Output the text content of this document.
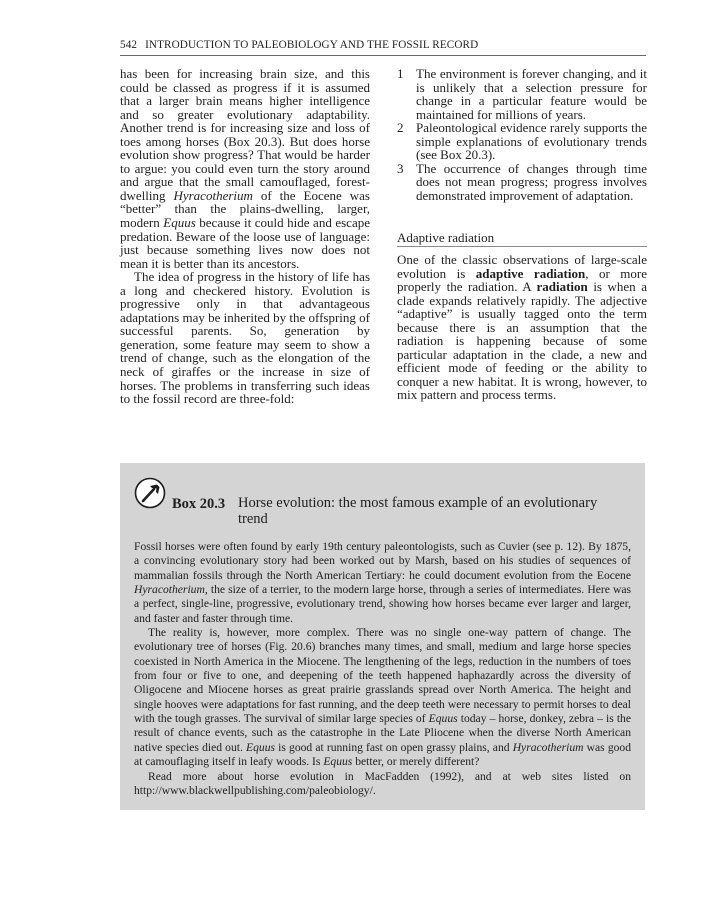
542 INTRODUCTION TO PALEOBIOLOGY AND THE FOSSIL RECORD

has been for increasing brain size, and this could be classed as progress if it is assumed that a larger brain means higher intelligence and so greater evolutionary adaptability. Another trend is for increasing size and loss of toes among horses (Box 20.3). But does horse evolution show progress? That would be harder to argue: you could even turn the story around and argue that the small camouflaged, forest-dwelling Hyracotherium of the Eocene was “better” than the plains-dwelling, larger, modern Equus because it could hide and escape predation. Beware of the loose use of language: just because something lives now does not mean it is better than its ancestors.

The idea of progress in the history of life has a long and checkered history. Evolution is progressive only in that advantageous adaptations may be inherited by the offspring of successful parents. So, generation by generation, some feature may seem to show a trend of change, such as the elongation of the neck of giraffes or the increase in size of horses. The problems in transferring such ideas to the fossil record are three-fold:

1 The environment is forever changing, and it is unlikely that a selection pressure for change in a particular feature would be maintained for millions of years.
2 Paleontological evidence rarely supports the simple explanations of evolutionary trends (see Box 20.3).
3 The occurrence of changes through time does not mean progress; progress involves demonstrated improvement of adaptation.

Adaptive radiation

One of the classic observations of large-scale evolution is adaptive radiation, or more properly the radiation. A radiation is when a clade expands relatively rapidly. The adjective “adaptive” is usually tagged onto the term because there is an assumption that the radiation is happening because of some particular adaptation in the clade, a new and efficient mode of feeding or the ability to conquer a new habitat. It is wrong, however, to mix pattern and process terms.

Box 20.3 Horse evolution: the most famous example of an evolutionary trend

Fossil horses were often found by early 19th century paleontologists, such as Cuvier (see p. 12). By 1875, a convincing evolutionary story had been worked out by Marsh, based on his studies of sequences of mammalian fossils through the North American Tertiary: he could document evolution from the Eocene Hyracotherium, the size of a terrier, to the modern large horse, through a series of intermediates. Here was a perfect, single-line, progressive, evolutionary trend, showing how horses became ever larger and larger, and faster and faster through time.

The reality is, however, more complex. There was no single one-way pattern of change. The evolutionary tree of horses (Fig. 20.6) branches many times, and small, medium and large horse species coexisted in North America in the Miocene. The lengthening of the legs, reduction in the numbers of toes from four or five to one, and deepening of the teeth happened haphazardly across the diversity of Oligocene and Miocene horses as great prairie grasslands spread over North America. The height and single hooves were adaptations for fast running, and the deep teeth were necessary to permit horses to deal with the tough grasses. The survival of similar large species of Equus today – horse, donkey, zebra – is the result of chance events, such as the catastrophe in the Late Pliocene when the diverse North American native species died out. Equus is good at running fast on open grassy plains, and Hyracotherium was good at camouflaging itself in leafy woods. Is Equus better, or merely different?

Read more about horse evolution in MacFadden (1992), and at web sites listed on http://www.blackwellpublishing.com/paleobiology/.
